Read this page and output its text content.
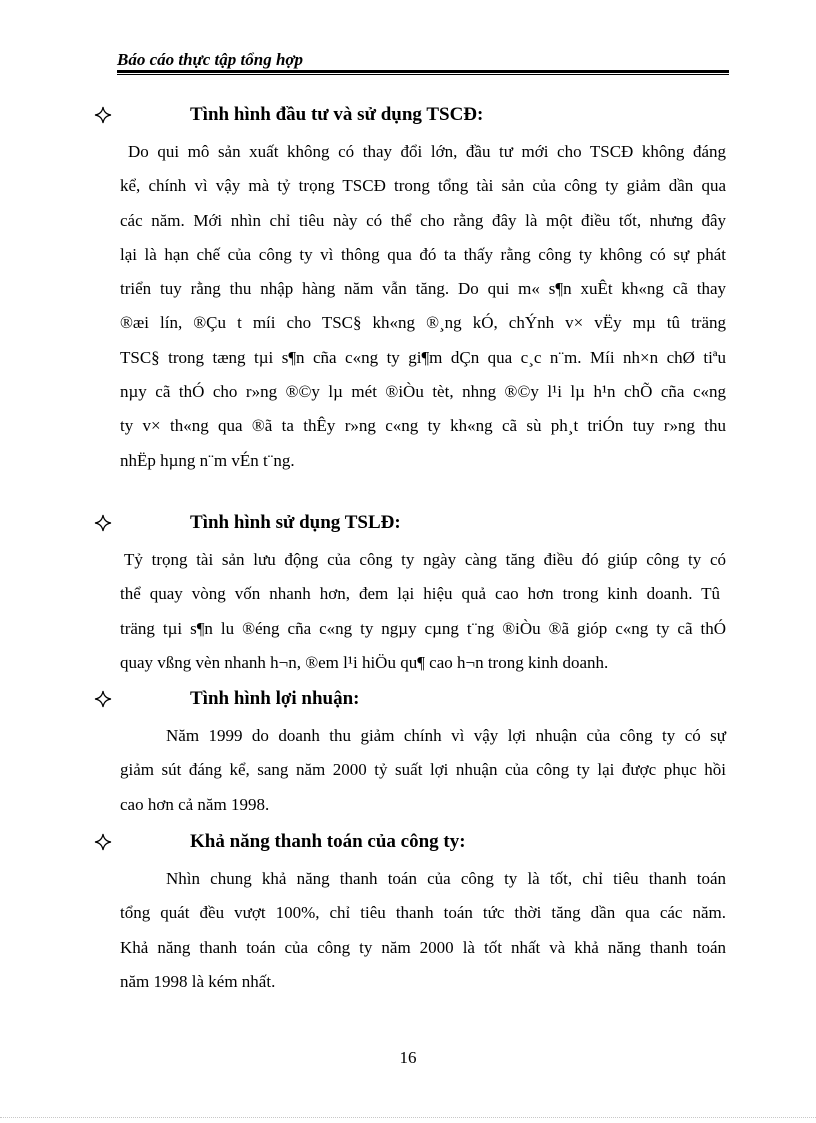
Báo cáo thực tập tổng hợp
Tình hình đầu tư và sử dụng TSCĐ:
Do qui mô sản xuất không có thay đổi lớn, đầu tư mới cho TSCĐ không đáng
kể, chính vì vậy mà tỷ trọng TSCĐ trong tổng tài sản của công ty giảm dần qua
các năm. Mới nhìn chỉ tiêu này có thể cho rằng đây là một điều tốt, nhưng đây
lại là hạn chế của công ty vì thông qua đó ta thấy rằng công ty không có sự phát
triển tuy rằng thu nhập hàng năm vẫn tăng. Do qui m« s¶n xuÊt kh«ng cã thay
®æi lín, ®Çu t míi cho TSC§ kh«ng ®¸ng kÓ, chÝnh v× vËy mµ tû träng
TSC§ trong tæng tµi s¶n cña c«ng ty gi¶m dÇn qua c¸c n¨m. Míi nh×n chØ tiªu
nµy cã thÓ cho r»ng ®©y lµ mét ®iÒu tèt, nhng ®©y l¹i lµ h¹n chÕ cña c«ng
ty v× th«ng qua ®ã ta thÊy r»ng c«ng ty kh«ng cã sù ph¸t triÓn tuy r»ng thu
nhËp hµng n¨m vÉn t¨ng.
Tình hình sử dụng TSLĐ:
Tỷ trọng tài sản lưu động của công ty ngày càng tăng điều đó giúp công ty có
thể quay vòng vốn nhanh hơn, đem lại hiệu quả cao hơn trong kinh doanh. Tû
träng tµi s¶n lu ®éng cña c«ng ty ngµy cµng t¨ng ®iÒu ®ã gióp c«ng ty cã thÓ
quay vßng vèn nhanh h¬n, ®em l¹i hiÖu qu¶ cao h¬n trong kinh doanh.
Tình hình lợi nhuận:
Năm 1999 do doanh thu giảm chính vì vậy lợi nhuận của công ty có sự
giảm sút đáng kể, sang năm 2000 tỷ suất lợi nhuận của công ty lại được phục hồi
cao hơn cả năm 1998.
Khả năng thanh toán của công ty:
Nhìn chung khả năng thanh toán của công ty là tốt, chỉ tiêu thanh toán
tổng quát đều vượt 100%, chỉ tiêu thanh toán tức thời tăng dần qua các năm.
Khả năng thanh toán của công ty năm 2000 là tốt nhất và khả năng thanh toán
năm 1998 là kém nhất.
16
